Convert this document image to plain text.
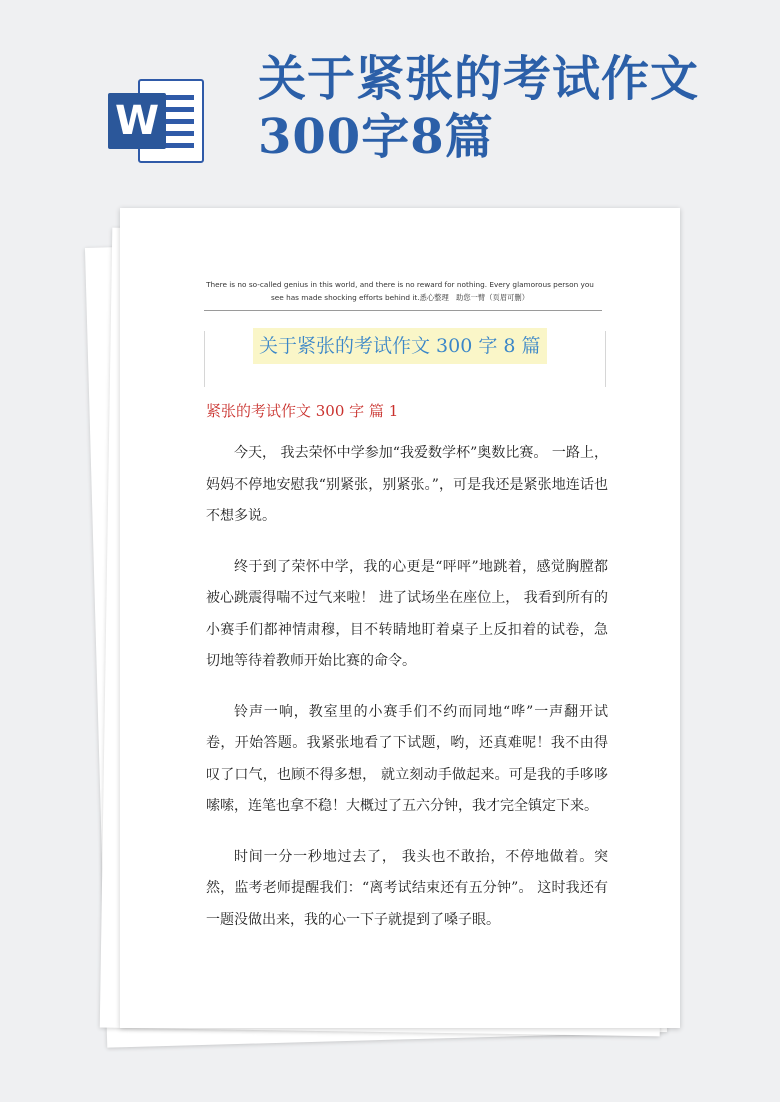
W
关于紧张的考试作文300字8篇
There is no so-called genius in this world, and there is no reward for nothing. Every glamorous person you see has made shocking efforts behind it.悉心整理　助您一臂（页眉可删）
关于紧张的考试作文 300 字 8 篇
紧张的考试作文 300 字 篇 1

今天， 我去荣怀中学参加“我爱数学杯”奥数比赛。 一路上，妈妈不停地安慰我“别紧张，别紧张。”，可是我还是紧张地连话也不想多说。

终于到了荣怀中学，我的心更是“呯呯”地跳着，感觉胸膛都被心跳震得喘不过气来啦！ 进了试场坐在座位上， 我看到所有的小赛手们都神情肃穆，目不转睛地盯着桌子上反扣着的试卷，急切地等待着教师开始比赛的命令。

铃声一响，教室里的小赛手们不约而同地“哗”一声翻开试卷，开始答题。我紧张地看了下试题，哟，还真难呢！我不由得叹了口气，也顾不得多想， 就立刻动手做起来。可是我的手哆哆嗦嗦，连笔也拿不稳！大概过了五六分钟，我才完全镇定下来。

时间一分一秒地过去了， 我头也不敢抬，不停地做着。突然，监考老师提醒我们：“离考试结束还有五分钟”。 这时我还有一题没做出来，我的心一下子就提到了嗓子眼。
